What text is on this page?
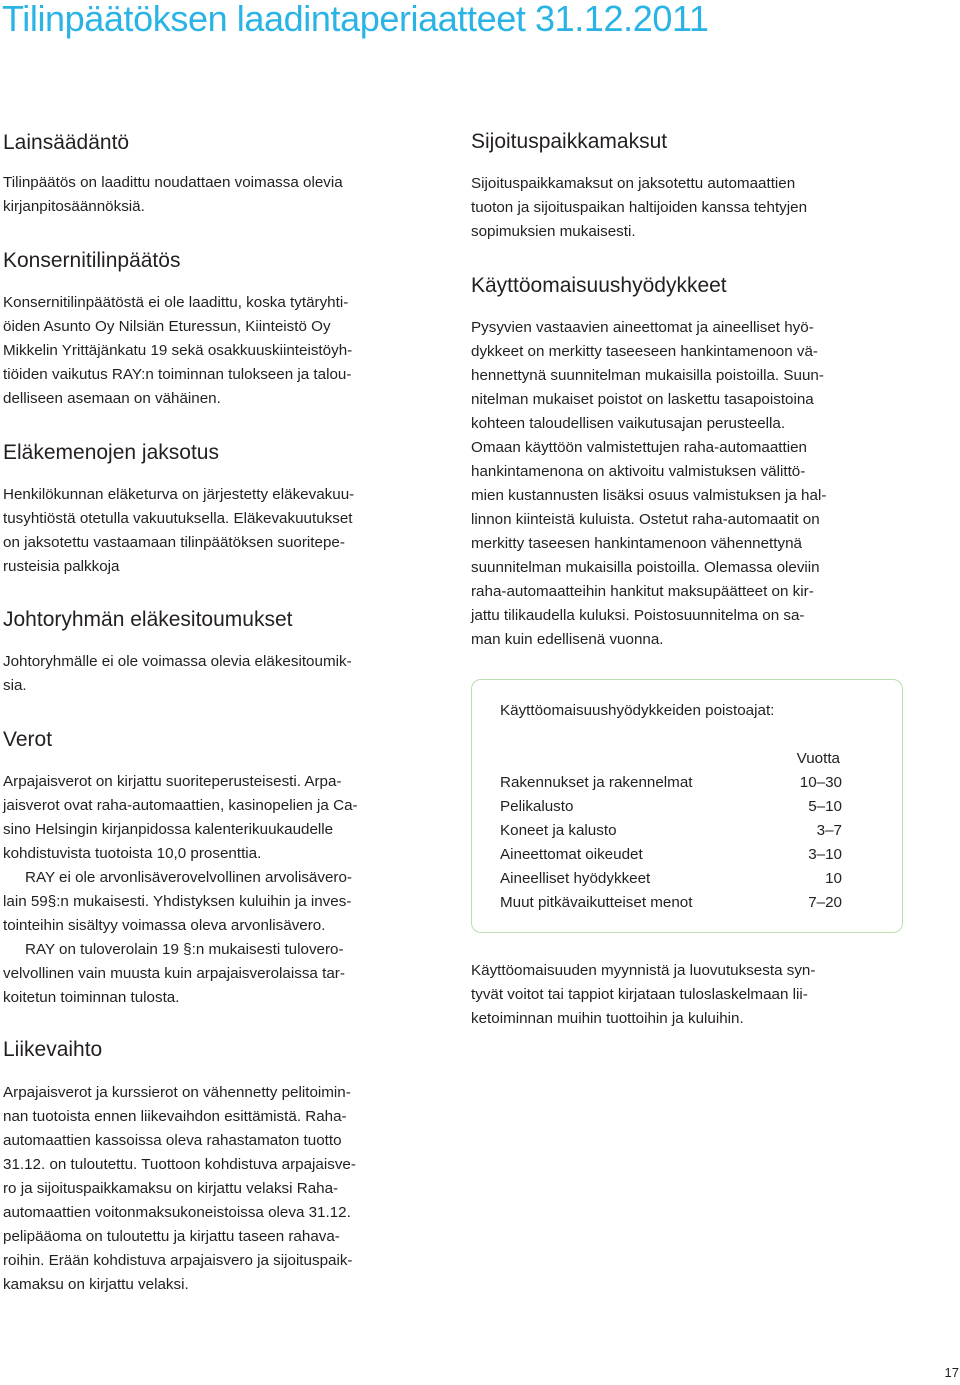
Tilinpäätöksen laadintaperiaatteet 31.12.2011
Lainsäädäntö

Tilinpäätös on laadittu noudattaen voimassa olevia
kirjanpitosäännöksiä.

Konsernitilinpäätös

Konsernitilinpäätöstä ei ole laadittu, koska tytäryhti-
öiden Asunto Oy Nilsiän Eturessun, Kiinteistö Oy
Mikkelin Yrittäjänkatu 19 sekä osakkuuskiinteistöyh-
tiöiden vaikutus RAY:n toiminnan tulokseen ja talou-
delliseen asemaan on vähäinen.

Eläkemenojen jaksotus

Henkilökunnan eläketurva on järjestetty eläkevakuu-
tusyhtiöstä otetulla vakuutuksella. Eläkevakuutukset
on jaksotettu vastaamaan tilinpäätöksen suoritepe-
rusteisia palkkoja

Johtoryhmän eläkesitoumukset

Johtoryhmälle ei ole voimassa olevia eläkesitoumik-
sia.

Verot

Arpajaisverot on kirjattu suoriteperusteisesti. Arpa-
jaisverot ovat raha-automaattien, kasinopelien ja Ca-
sino Helsingin kirjanpidossa kalenterikuukaudelle
kohdistuvista tuotoista 10,0 prosenttia.
RAY ei ole arvonlisäverovelvollinen arvolisävero-
lain 59§:n mukaisesti. Yhdistyksen kuluihin ja inves-
tointeihin sisältyy voimassa oleva arvonlisävero.
RAY on tuloverolain 19 §:n mukaisesti tulovero-
velvollinen vain muusta kuin arpajaisverolaissa tar-
koitetun toiminnan tulosta.

Liikevaihto

Arpajaisverot ja kurssierot on vähennetty pelitoimin-
nan tuotoista ennen liikevaihdon esittämistä. Raha-
automaattien kassoissa oleva rahastamaton tuotto
31.12. on tuloutettu. Tuottoon kohdistuva arpajaisve-
ro ja sijoituspaikkamaksu on kirjattu velaksi Raha-
automaattien voitonmaksukoneistoissa oleva 31.12.
pelipääoma on tuloutettu ja kirjattu taseen rahava-
roihin. Erään kohdistuva arpajaisvero ja sijoituspaik-
kamaksu on kirjattu velaksi.

Sijoituspaikkamaksut

Sijoituspaikkamaksut on jaksotettu automaattien
tuoton ja sijoituspaikan haltijoiden kanssa tehtyjen
sopimuksien mukaisesti.

Käyttöomaisuushyödykkeet

Pysyvien vastaavien aineettomat ja aineelliset hyö-
dykkeet on merkitty taseeseen hankintamenoon vä-
hennettynä suunnitelman mukaisilla poistoilla. Suun-
nitelman mukaiset poistot on laskettu tasapoistoina
kohteen taloudellisen vaikutusajan perusteella.
Omaan käyttöön valmistettujen raha-automaattien
hankintamenona on aktivoitu valmistuksen välittö-
mien kustannusten lisäksi osuus valmistuksen ja hal-
linnon kiinteistä kuluista. Ostetut raha-automaatit on
merkitty taseesen hankintamenoon vähennettynä
suunnitelman mukaisilla poistoilla. Olemassa oleviin
raha-automaatteihin hankitut maksupäätteet on kir-
jattu tilikaudella kuluksi. Poistosuunnitelma on sa-
man kuin edellisenä vuonna.

Käyttöomaisuuden myynnistä ja luovutuksesta syn-
tyvät voitot tai tappiot kirjataan tuloslaskelmaan lii-
ketoiminnan muihin tuottoihin ja kuluihin.

Käyttöomaisuushyödykkeiden poistoajat:
Vuotta
Rakennukset ja rakennelmat	10–30
Pelikalusto	5–10
Koneet ja kalusto	3–7
Aineettomat oikeudet	3–10
Aineelliset hyödykkeet	10
Muut pitkävaikutteiset menot	7–20
17
